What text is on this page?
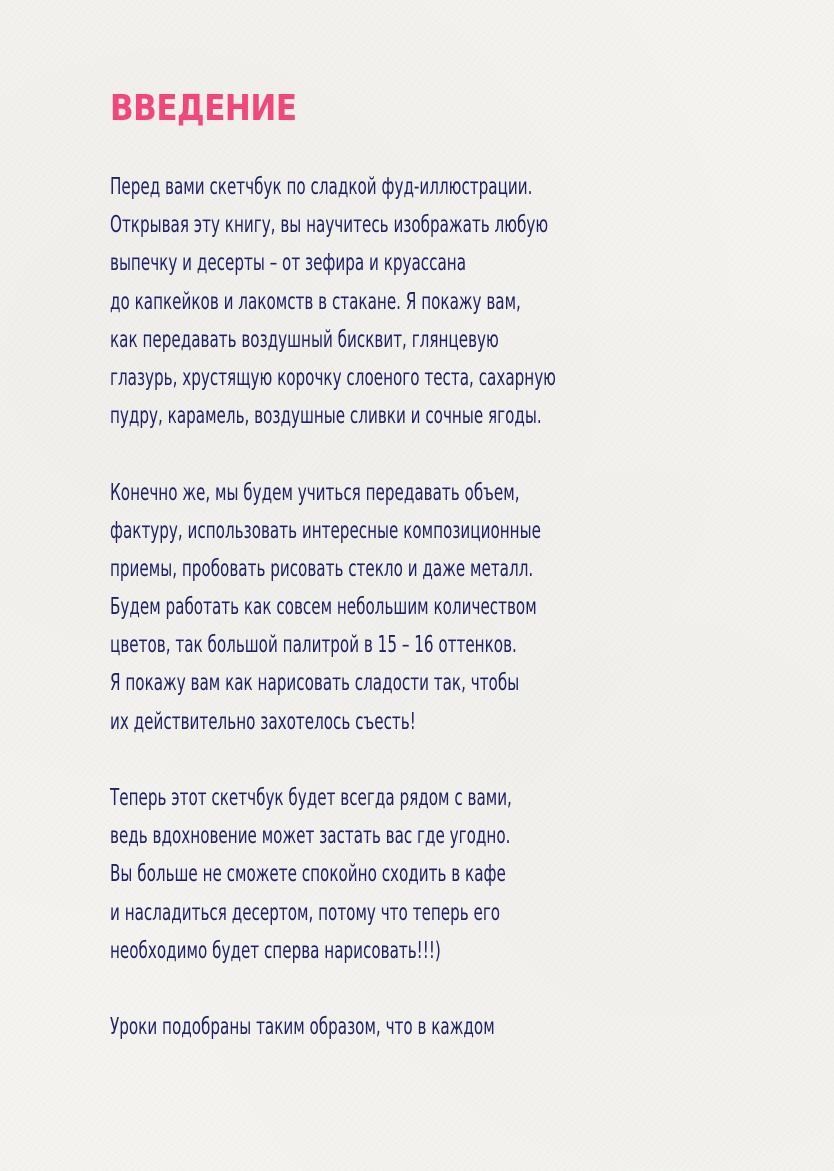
ВВЕДЕНИЕ

Перед вами скетчбук по сладкой фуд-иллюстрации.
Открывая эту книгу, вы научитесь изображать любую
выпечку и десерты – от зефира и круассана
до капкейков и лакомств в стакане. Я покажу вам,
как передавать воздушный бисквит, глянцевую
глазурь, хрустящую корочку слоеного теста, сахарную
пудру, карамель, воздушные сливки и сочные ягоды.

Конечно же, мы будем учиться передавать объем,
фактуру, использовать интересные композиционные
приемы, пробовать рисовать стекло и даже металл.
Будем работать как совсем небольшим количеством
цветов, так большой палитрой в 15 – 16 оттенков.
Я покажу вам как нарисовать сладости так, чтобы
их действительно захотелось съесть!

Теперь этот скетчбук будет всегда рядом с вами,
ведь вдохновение может застать вас где угодно.
Вы больше не сможете спокойно сходить в кафе
и насладиться десертом, потому что теперь его
необходимо будет сперва нарисовать!!!)

Уроки подобраны таким образом, что в каждом
